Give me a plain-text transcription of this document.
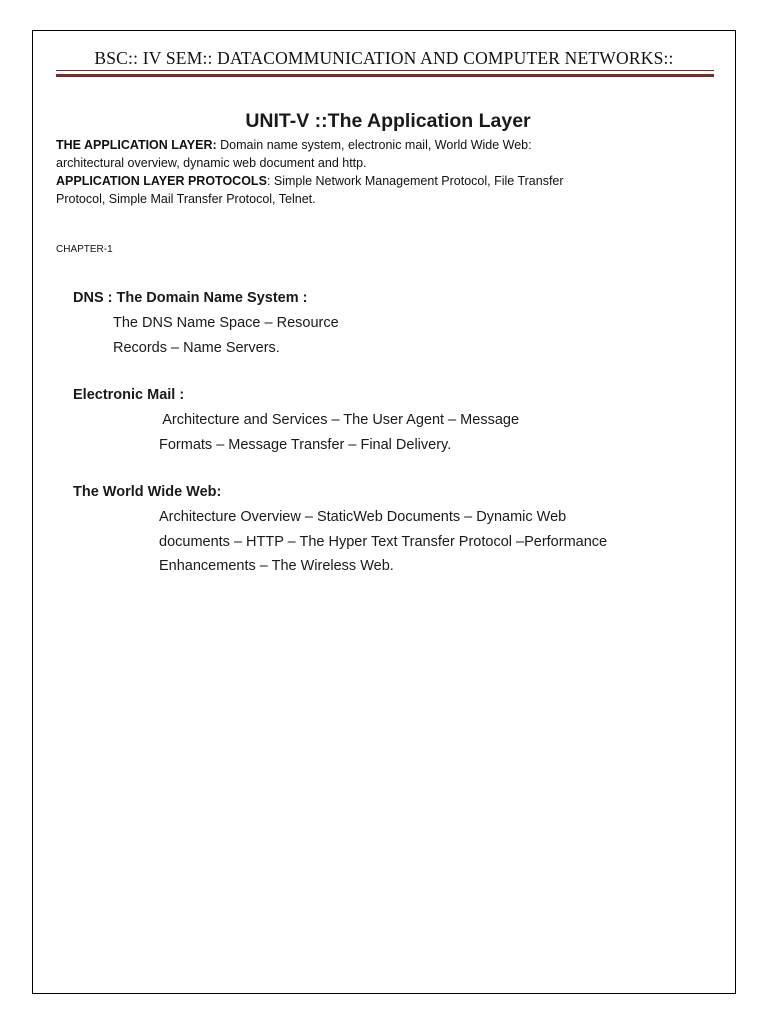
BSC:: IV SEM:: DATACOMMUNICATION AND COMPUTER NETWORKS::
UNIT-V ::The Application Layer
THE APPLICATION LAYER: Domain name system, electronic mail, World Wide Web:
architectural overview, dynamic web document and http.
APPLICATION LAYER PROTOCOLS: Simple Network Management Protocol, File Transfer
Protocol, Simple Mail Transfer Protocol, Telnet.
CHAPTER-1
DNS : The Domain Name System :
The DNS Name Space – Resource
Records – Name Servers.
Electronic Mail :
Architecture and Services – The User Agent – Message
Formats – Message Transfer – Final Delivery.
The World Wide Web:
Architecture Overview – StaticWeb Documents – Dynamic Web
documents – HTTP – The Hyper Text Transfer Protocol –Performance
Enhancements – The Wireless Web.
